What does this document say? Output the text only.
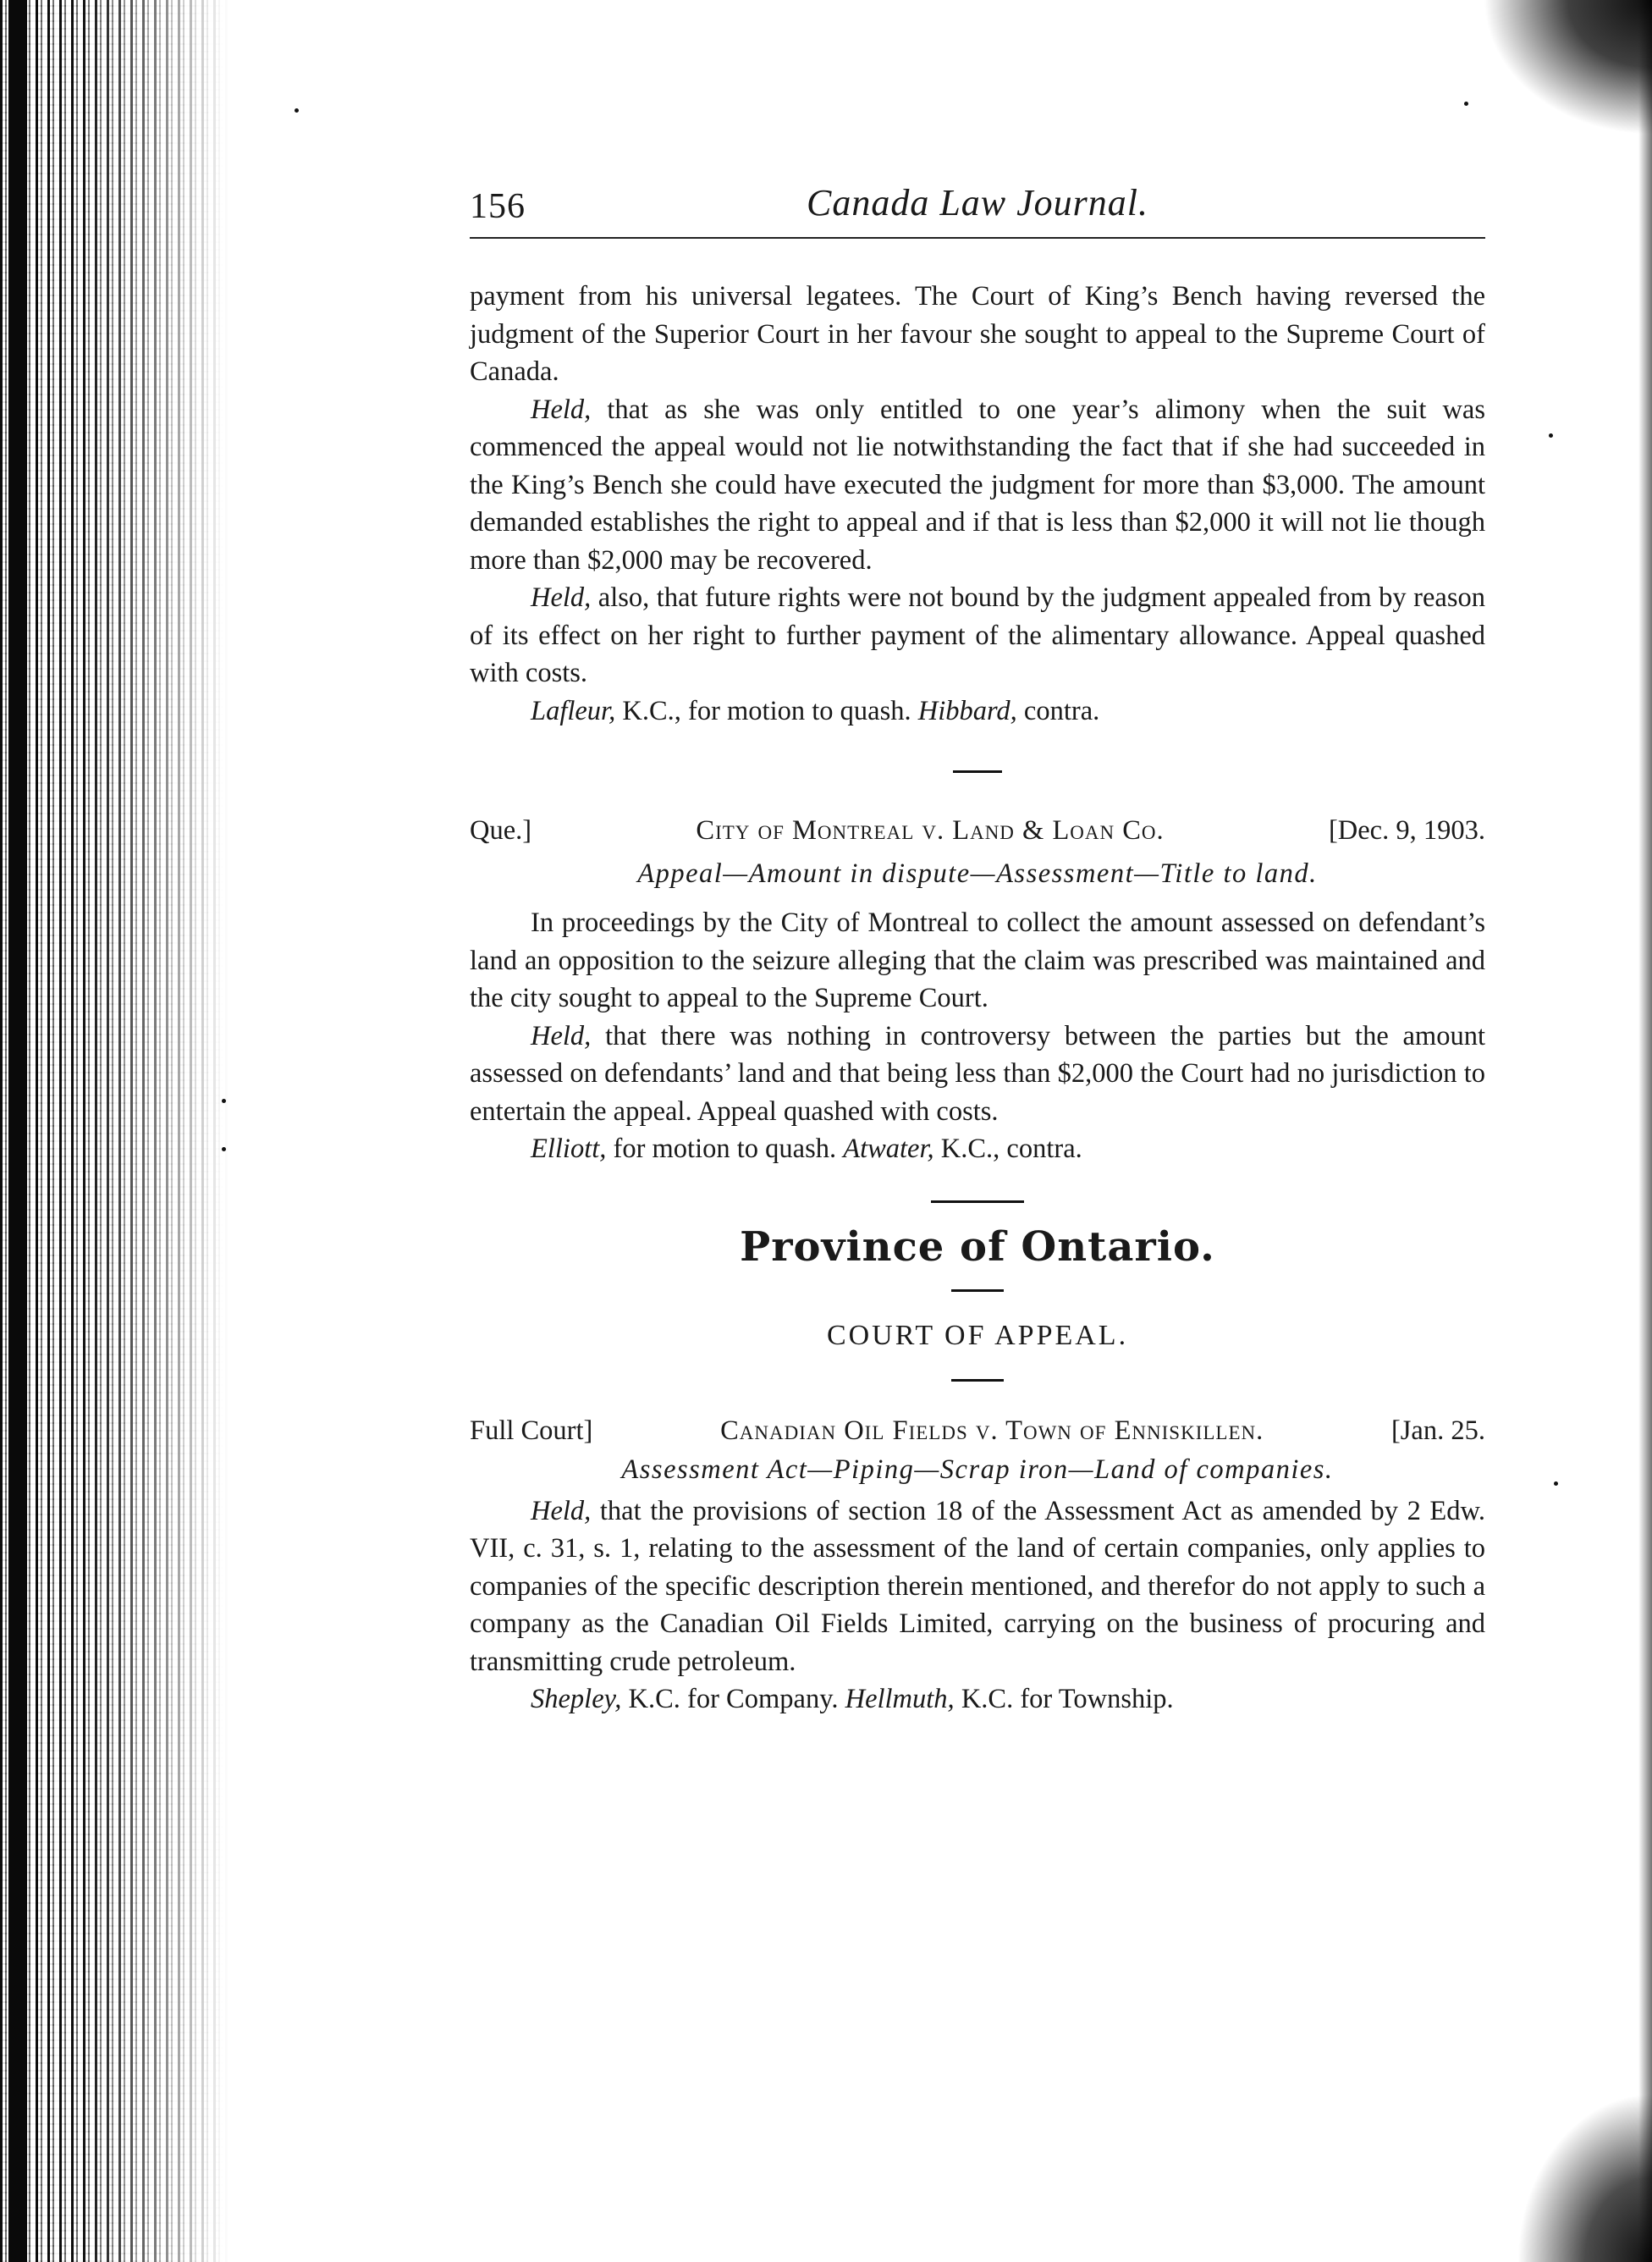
156	Canada Law Journal.

payment from his universal legatees. The Court of King’s Bench having reversed the judgment of the Superior Court in her favour she sought to appeal to the Supreme Court of Canada.

Held, that as she was only entitled to one year’s alimony when the suit was commenced the appeal would not lie notwithstanding the fact that if she had succeeded in the King’s Bench she could have executed the judgment for more than $3,000. The amount demanded establishes the right to appeal and if that is less than $2,000 it will not lie though more than $2,000 may be recovered.

Held, also, that future rights were not bound by the judgment appealed from by reason of its effect on her right to further payment of the alimentary allowance. Appeal quashed with costs.

Lafleur, K.C., for motion to quash. Hibbard, contra.

Que.]	City of Montreal v. Land & Loan Co.	[Dec. 9, 1903.

Appeal—Amount in dispute—Assessment—Title to land.

In proceedings by the City of Montreal to collect the amount assessed on defendant’s land an opposition to the seizure alleging that the claim was prescribed was maintained and the city sought to appeal to the Supreme Court.

Held, that there was nothing in controversy between the parties but the amount assessed on defendants’ land and that being less than $2,000 the Court had no jurisdiction to entertain the appeal. Appeal quashed with costs.

Elliott, for motion to quash. Atwater, K.C., contra.

Province of Ontario.

COURT OF APPEAL.

Full Court]	Canadian Oil Fields v. Town of Enniskillen.	[Jan. 25.

Assessment Act—Piping—Scrap iron—Land of companies.

Held, that the provisions of section 18 of the Assessment Act as amended by 2 Edw. VII, c. 31, s. 1, relating to the assessment of the land of certain companies, only applies to companies of the specific description therein mentioned, and therefor do not apply to such a company as the Canadian Oil Fields Limited, carrying on the business of procuring and transmitting crude petroleum.

Shepley, K.C. for Company. Hellmuth, K.C. for Township.
